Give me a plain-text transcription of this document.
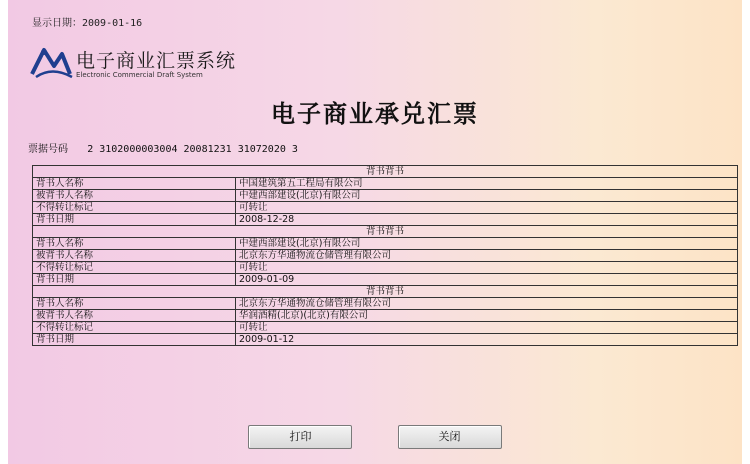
显示日期：2009-01-16
电子商业汇票系统
Electronic Commercial Draft System
电子商业承兑汇票
票据号码 2 3102000003004 20081231 31072020 3
背书背书	
背书人名称	中国建筑第五工程局有限公司
被背书人名称	中建西部建设(北京)有限公司
不得转让标记	可转让
背书日期	2008-12-28
背书背书	
背书人名称	中建西部建设(北京)有限公司
被背书人名称	北京东方华通物流仓储管理有限公司
不得转让标记	可转让
背书日期	2009-01-09
背书背书	
背书人名称	北京东方华通物流仓储管理有限公司
被背书人名称	华润酒精(北京)(北京)有限公司
不得转让标记	可转让
背书日期	2009-01-12
打印	关闭
